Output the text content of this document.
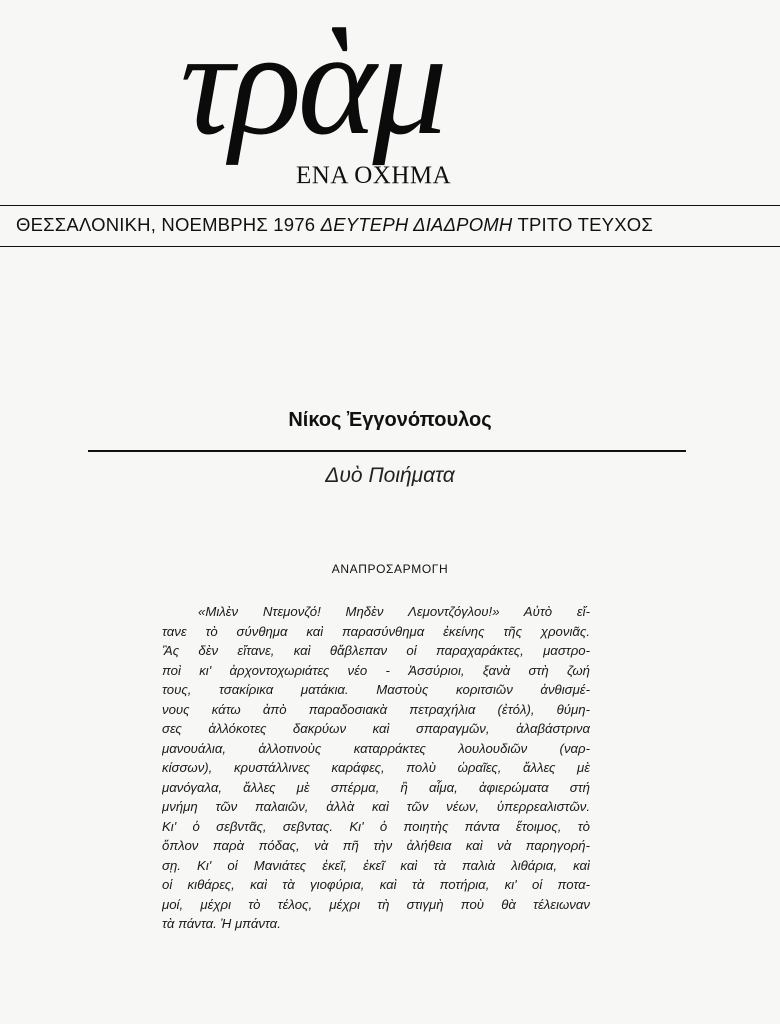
τρὰμ
ΕΝΑ ΟΧΗΜΑ
ΘΕΣΣΑΛΟΝΙΚΗ, ΝΟΕΜΒΡΗΣ 1976 ΔΕΥΤΕΡΗ ΔΙΑΔΡΟΜΗ ΤΡΙΤΟ ΤΕΥΧΟΣ
Νίκος Ἐγγονόπουλος
Δυὸ Ποιήματα
ΑΝΑΠΡΟΣΑΡΜΟΓΗ
«Μιλὲν Ντεμονζό! Μηδὲν Λεμοντζόγλου!» Αὐτὸ εἴ-
τανε τὸ σύνθημα καὶ παρασύνθημα ἐκείνης τῆς χρονιᾶς.
Ἂς δὲν εἴτανε, καὶ θἄβλεπαν οἱ παραχαράκτες, μαστρο-
ποὶ κι' ἀρχοντοχωριάτες νέο - Ἀσσύριοι, ξανὰ στὴ ζωή
τους, τσακίρικα ματάκια. Μαστοὺς κοριτσιῶν ἀνθισμέ-
νους κάτω ἀπὸ παραδοσιακὰ πετραχήλια (ἐτόλ), θύμη-
σες ἀλλόκοτες δακρύων καὶ σπαραγμῶν, ἀλαβάστρινα
μανουάλια, ἀλλοτινοὺς καταρράκτες λουλουδιῶν (ναρ-
κίσσων), κρυστάλλινες καράφες, πολὺ ὡραῖες, ἄλλες μὲ
μανόγαλα, ἄλλες μὲ σπέρμα, ἢ αἷμα, ἀφιερώματα στή
μνήμη τῶν παλαιῶν, ἀλλὰ καὶ τῶν νέων, ὑπερρεαλιστῶν.
Κι' ὁ σεβντᾶς, σεβντας. Κι' ὁ ποιητὴς πάντα ἕτοιμος, τὸ
ὅπλον παρὰ πόδας, νὰ πῆ τὴν ἀλήθεια καὶ νὰ παρηγορή-
σῃ. Κι' οἱ Μανιάτες ἐκεῖ, ἐκεῖ καὶ τὰ παλιὰ λιθάρια, καὶ
οἱ κιθάρες, καὶ τὰ γιοφύρια, καὶ τὰ ποτήρια, κι' οἱ ποτα-
μοί, μέχρι τὸ τέλος, μέχρι τὴ στιγμὴ ποὺ θὰ τέλειωναν
τὰ πάντα. Ἡ μπάντα.
